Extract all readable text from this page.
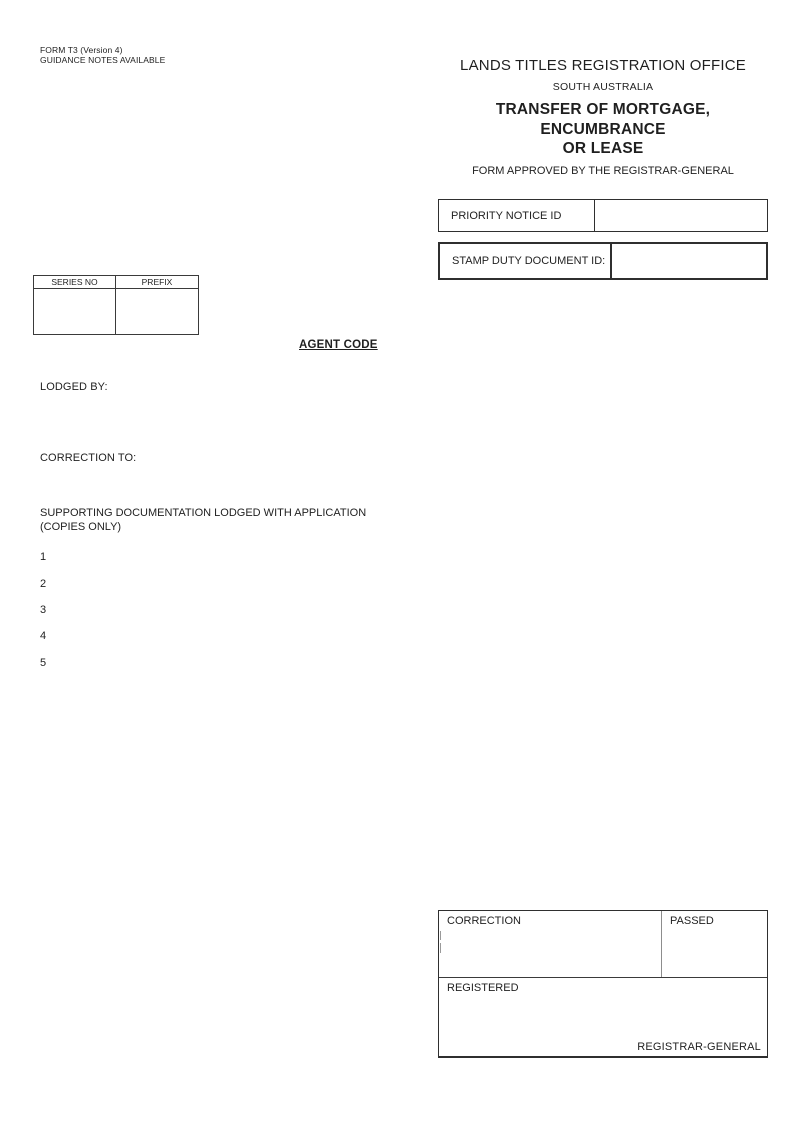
FORM T3 (Version 4)
GUIDANCE NOTES AVAILABLE	LANDS TITLES REGISTRATION OFFICE
SOUTH AUSTRALIA
TRANSFER OF MORTGAGE,
ENCUMBRANCE
OR LEASE
FORM APPROVED BY THE REGISTRAR-GENERAL
PRIORITY NOTICE ID
STAMP DUTY DOCUMENT ID:
SERIES NO	PREFIX
AGENT CODE
LODGED BY:
CORRECTION TO:
SUPPORTING DOCUMENTATION LODGED WITH APPLICATION
(COPIES ONLY)
1
2
3
4
5
CORRECTION	PASSED
REGISTERED
REGISTRAR-GENERAL
